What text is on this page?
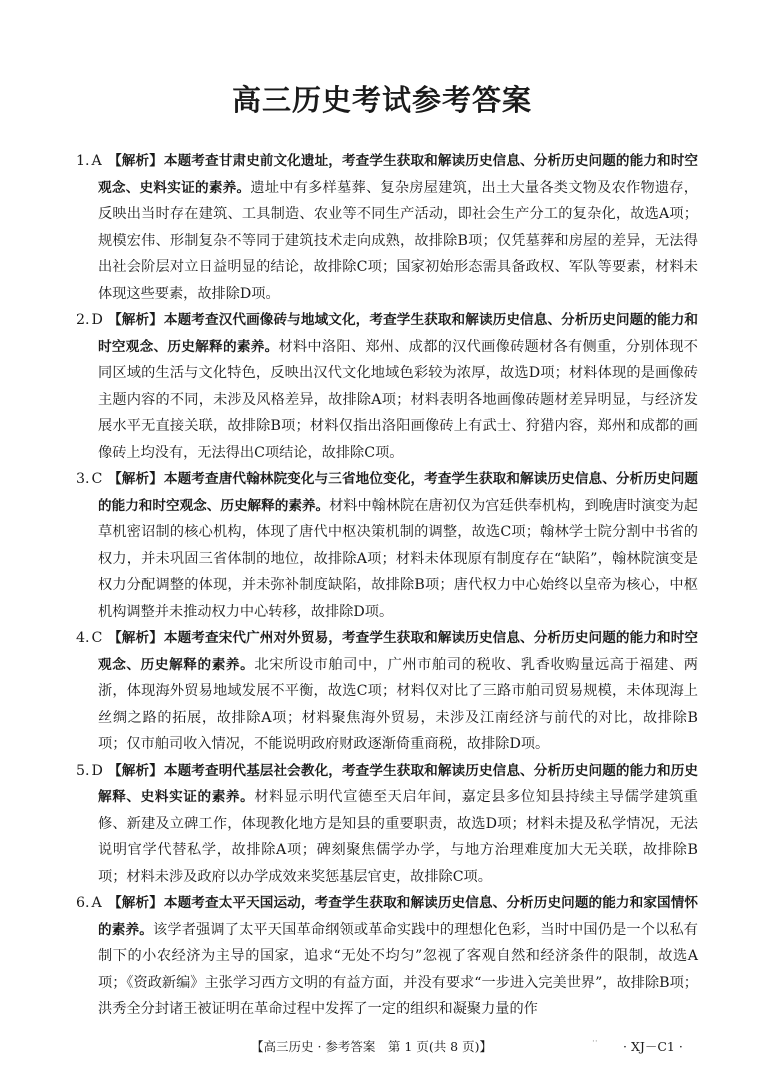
高三历史考试参考答案
1. A 【解析】本题考查甘肃史前文化遗址，考查学生获取和解读历史信息、分析历史问题的能力和时空观念、史料实证的素养。遗址中有多样墓葬、复杂房屋建筑，出土大量各类文物及农作物遗存，反映出当时存在建筑、工具制造、农业等不同生产活动，即社会生产分工的复杂化，故选A项；规模宏伟、形制复杂不等同于建筑技术走向成熟，故排除B项；仅凭墓葬和房屋的差异，无法得出社会阶层对立日益明显的结论，故排除C项；国家初始形态需具备政权、军队等要素，材料未体现这些要素，故排除D项。
2. D 【解析】本题考查汉代画像砖与地域文化，考查学生获取和解读历史信息、分析历史问题的能力和时空观念、历史解释的素养。材料中洛阳、郑州、成都的汉代画像砖题材各有侧重，分别体现不同区域的生活与文化特色，反映出汉代文化地域色彩较为浓厚，故选D项；材料体现的是画像砖主题内容的不同，未涉及风格差异，故排除A项；材料表明各地画像砖题材差异明显，与经济发展水平无直接关联，故排除B项；材料仅指出洛阳画像砖上有武士、狩猎内容，郑州和成都的画像砖上均没有，无法得出C项结论，故排除C项。
3. C 【解析】本题考查唐代翰林院变化与三省地位变化，考查学生获取和解读历史信息、分析历史问题的能力和时空观念、历史解释的素养。材料中翰林院在唐初仅为宫廷供奉机构，到晚唐时演变为起草机密诏制的核心机构，体现了唐代中枢决策机制的调整，故选C项；翰林学士院分割中书省的权力，并未巩固三省体制的地位，故排除A项；材料未体现原有制度存在“缺陷”，翰林院演变是权力分配调整的体现，并未弥补制度缺陷，故排除B项；唐代权力中心始终以皇帝为核心，中枢机构调整并未推动权力中心转移，故排除D项。
4. C 【解析】本题考查宋代广州对外贸易，考查学生获取和解读历史信息、分析历史问题的能力和时空观念、历史解释的素养。北宋所设市舶司中，广州市舶司的税收、乳香收购量远高于福建、两浙，体现海外贸易地域发展不平衡，故选C项；材料仅对比了三路市舶司贸易规模，未体现海上丝绸之路的拓展，故排除A项；材料聚焦海外贸易，未涉及江南经济与前代的对比，故排除B项；仅市舶司收入情况，不能说明政府财政逐渐倚重商税，故排除D项。
5. D 【解析】本题考查明代基层社会教化，考查学生获取和解读历史信息、分析历史问题的能力和历史解释、史料实证的素养。材料显示明代宣德至天启年间，嘉定县多位知县持续主导儒学建筑重修、新建及立碑工作，体现教化地方是知县的重要职责，故选D项；材料未提及私学情况，无法说明官学代替私学，故排除A项；碑刻聚焦儒学办学，与地方治理难度加大无关联，故排除B项；材料未涉及政府以办学成效来奖惩基层官吏，故排除C项。
6. A 【解析】本题考查太平天国运动，考查学生获取和解读历史信息、分析历史问题的能力和家国情怀的素养。该学者强调了太平天国革命纲领或革命实践中的理想化色彩，当时中国仍是一个以私有制下的小农经济为主导的国家，追求“无处不均匀”忽视了客观自然和经济条件的限制，故选A项；《资政新编》主张学习西方文明的有益方面，并没有要求“一步进入完美世界”，故排除B项；洪秀全分封诸王被证明在革命过程中发挥了一定的组织和凝聚力量的作
【高三历史 · 参考答案　第 1 页(共 8 页)】	·· · XJ－C1 ·
